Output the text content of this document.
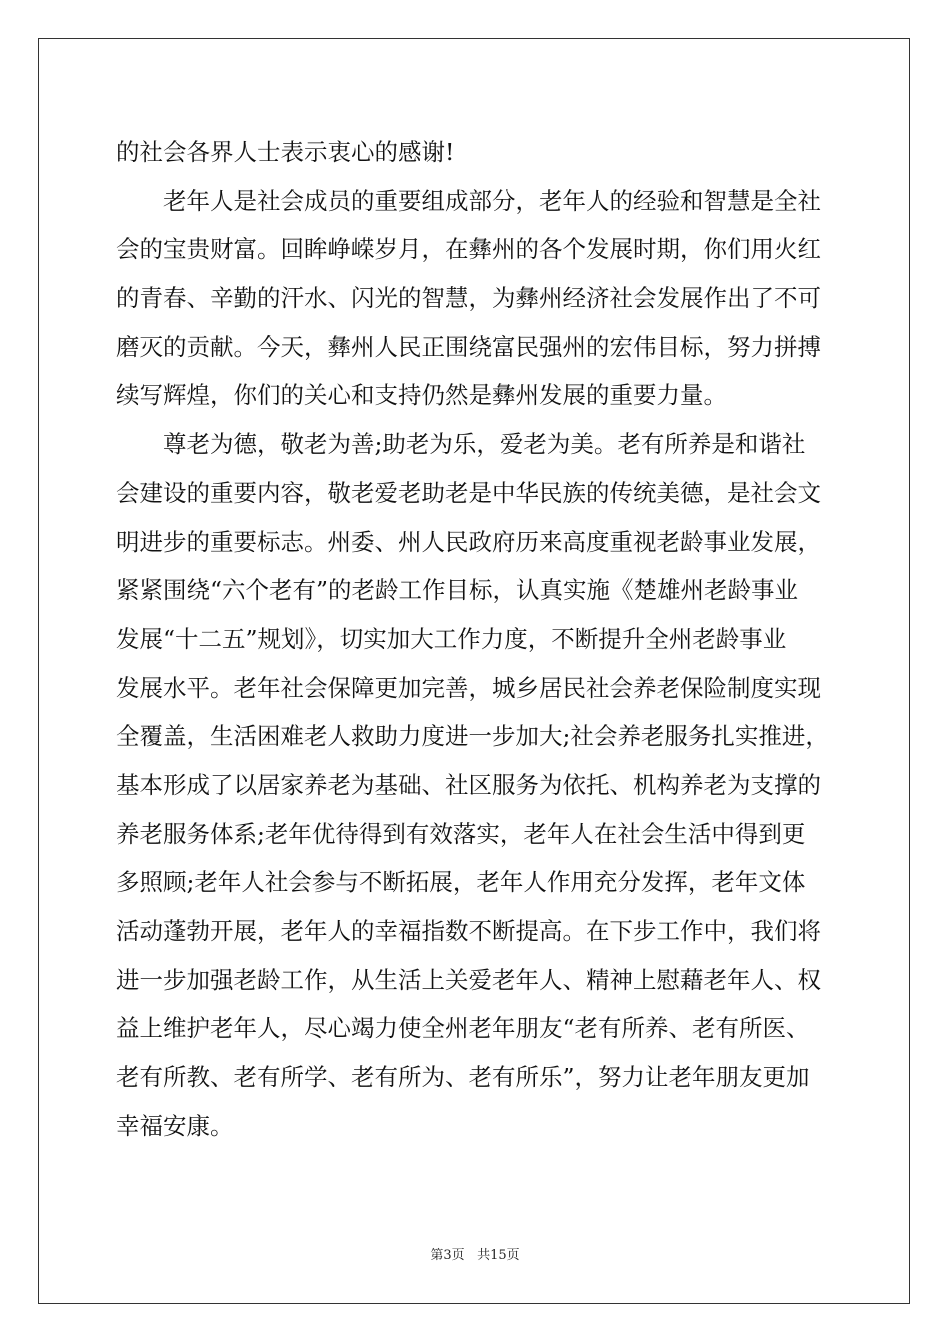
的社会各界人士表示衷心的感谢!
老年人是社会成员的重要组成部分，老年人的经验和智慧是全社
会的宝贵财富。回眸峥嵘岁月，在彝州的各个发展时期，你们用火红
的青春、辛勤的汗水、闪光的智慧，为彝州经济社会发展作出了不可
磨灭的贡献。今天，彝州人民正围绕富民强州的宏伟目标，努力拼搏
续写辉煌，你们的关心和支持仍然是彝州发展的重要力量。
尊老为德，敬老为善;助老为乐，爱老为美。老有所养是和谐社
会建设的重要内容，敬老爱老助老是中华民族的传统美德，是社会文
明进步的重要标志。州委、州人民政府历来高度重视老龄事业发展，
紧紧围绕“六个老有”的老龄工作目标，认真实施《楚雄州老龄事业
发展“十二五”规划》，切实加大工作力度，不断提升全州老龄事业
发展水平。老年社会保障更加完善，城乡居民社会养老保险制度实现
全覆盖，生活困难老人救助力度进一步加大;社会养老服务扎实推进，
基本形成了以居家养老为基础、社区服务为依托、机构养老为支撑的
养老服务体系;老年优待得到有效落实，老年人在社会生活中得到更
多照顾;老年人社会参与不断拓展，老年人作用充分发挥，老年文体
活动蓬勃开展，老年人的幸福指数不断提高。在下步工作中，我们将
进一步加强老龄工作，从生活上关爱老年人、精神上慰藉老年人、权
益上维护老年人，尽心竭力使全州老年朋友“老有所养、老有所医、
老有所教、老有所学、老有所为、老有所乐”，努力让老年朋友更加
幸福安康。
第3页 共15页
